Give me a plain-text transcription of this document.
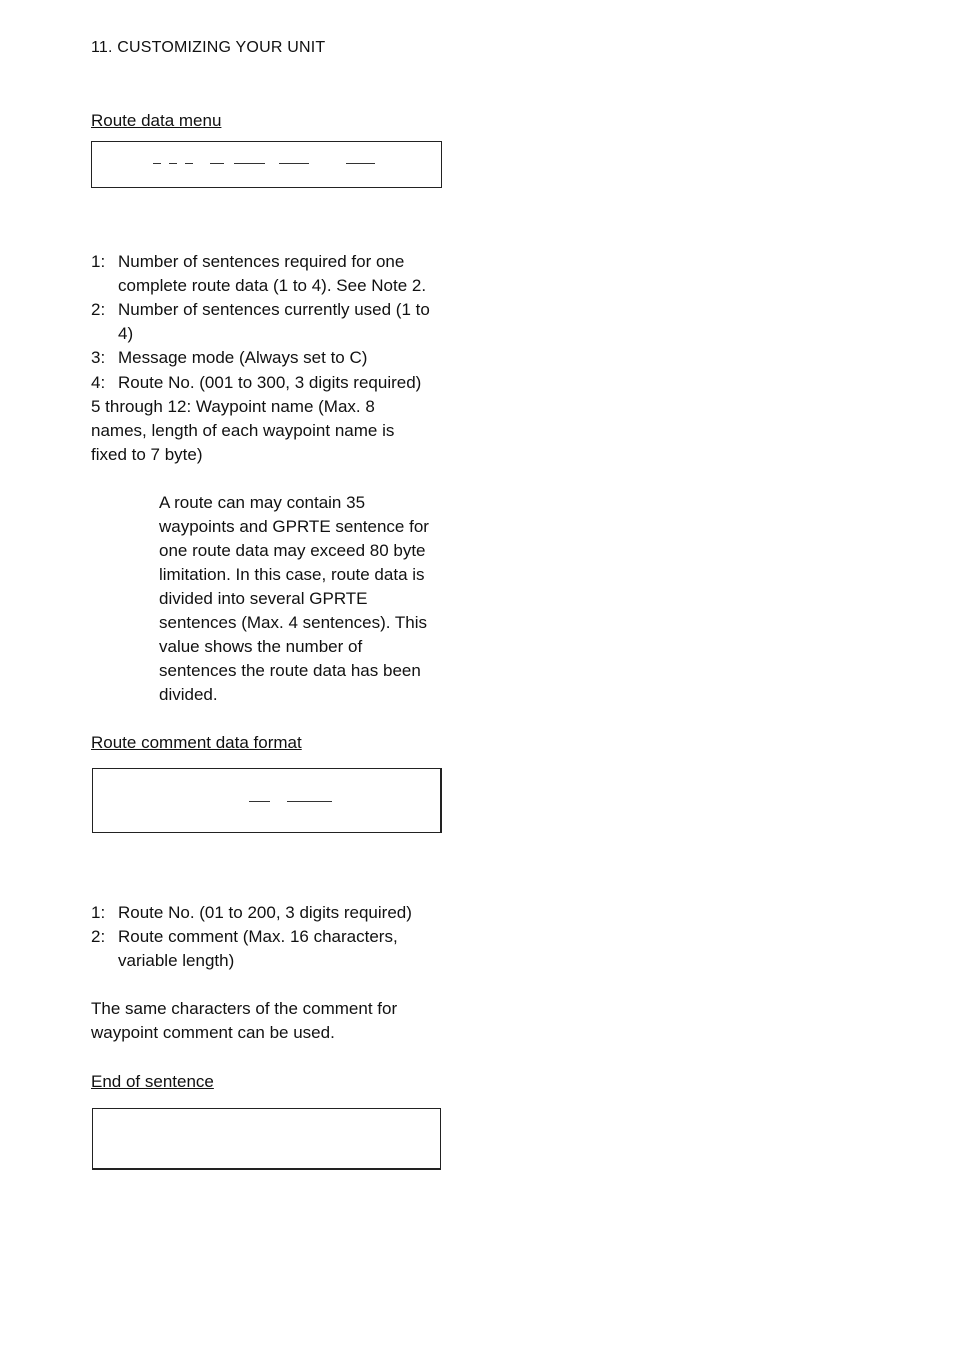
11. CUSTOMIZING YOUR UNIT
Route data menu
1: Number of sentences required for one
complete route data (1 to 4). See Note 2.
2: Number of sentences currently used (1 to
4)
3: Message mode (Always set to C)
4: Route No. (001 to 300, 3 digits required)
5 through 12: Waypoint name (Max. 8
names, length of each waypoint name is
fixed to 7 byte)
A route can may contain 35
waypoints and GPRTE sentence for
one route data may exceed 80 byte
limitation. In this case, route data is
divided into several GPRTE
sentences (Max. 4 sentences). This
value shows the number of
sentences the route data has been
divided.
Route comment data format
1: Route No. (01 to 200, 3 digits required)
2: Route comment (Max. 16 characters,
variable length)
The same characters of the comment for
waypoint comment can be used.
End of sentence
